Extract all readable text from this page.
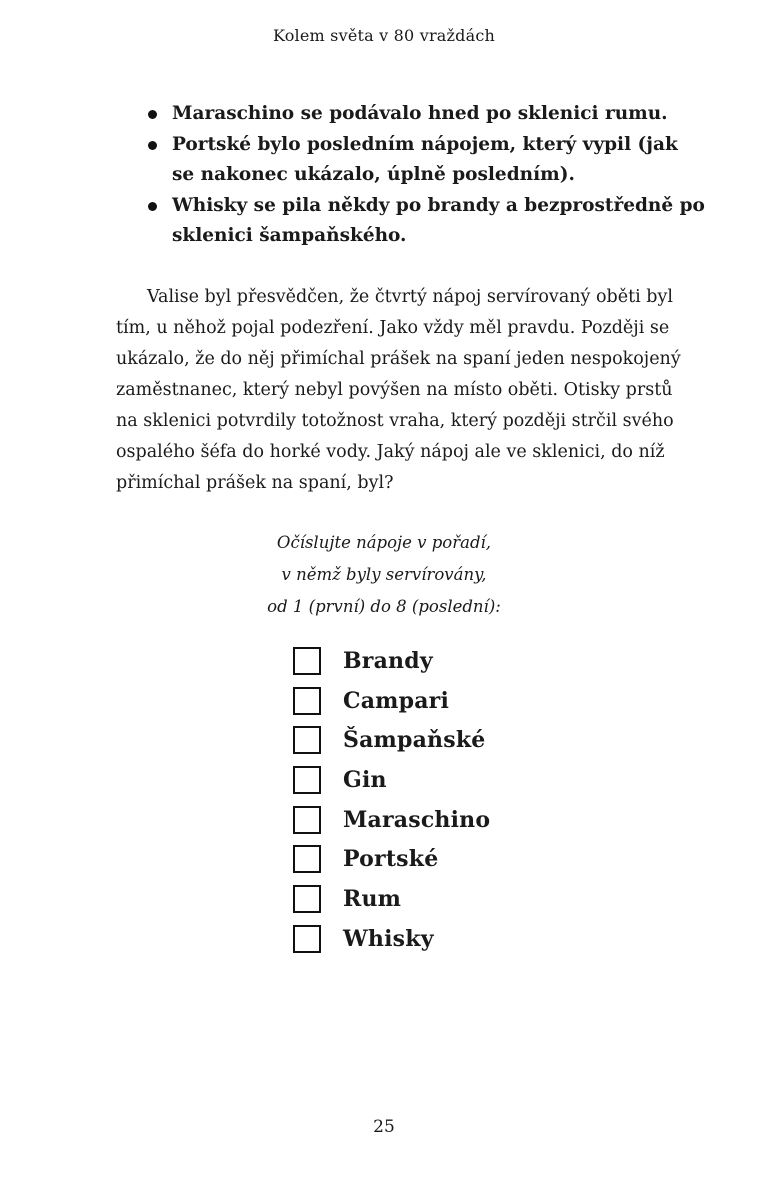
Kolem světa v 80 vraždách
Maraschino se podávalo hned po sklenici rumu.
Portské bylo posledním nápojem, který vypil (jak se nakonec ukázalo, úplně posledním).
Whisky se pila někdy po brandy a bezprostředně po sklenici šampaňského.

Valise byl přesvědčen, že čtvrtý nápoj servírovaný oběti byl tím, u něhož pojal podezření. Jako vždy měl pravdu. Později se ukázalo, že do něj přimíchal prášek na spaní jeden nespokojený zaměstnanec, který nebyl povýšen na místo oběti. Otisky prstů na sklenici potvrdily totožnost vraha, který později strčil svého ospalého šéfa do horké vody. Jaký nápoj ale ve sklenici, do níž přimíchal prášek na spaní, byl?

Očíslujte nápoje v pořadí,
v němž byly servírovány,
od 1 (první) do 8 (poslední):
Brandy
Campari
Šampaňské
Gin
Maraschino
Portské
Rum
Whisky
25
